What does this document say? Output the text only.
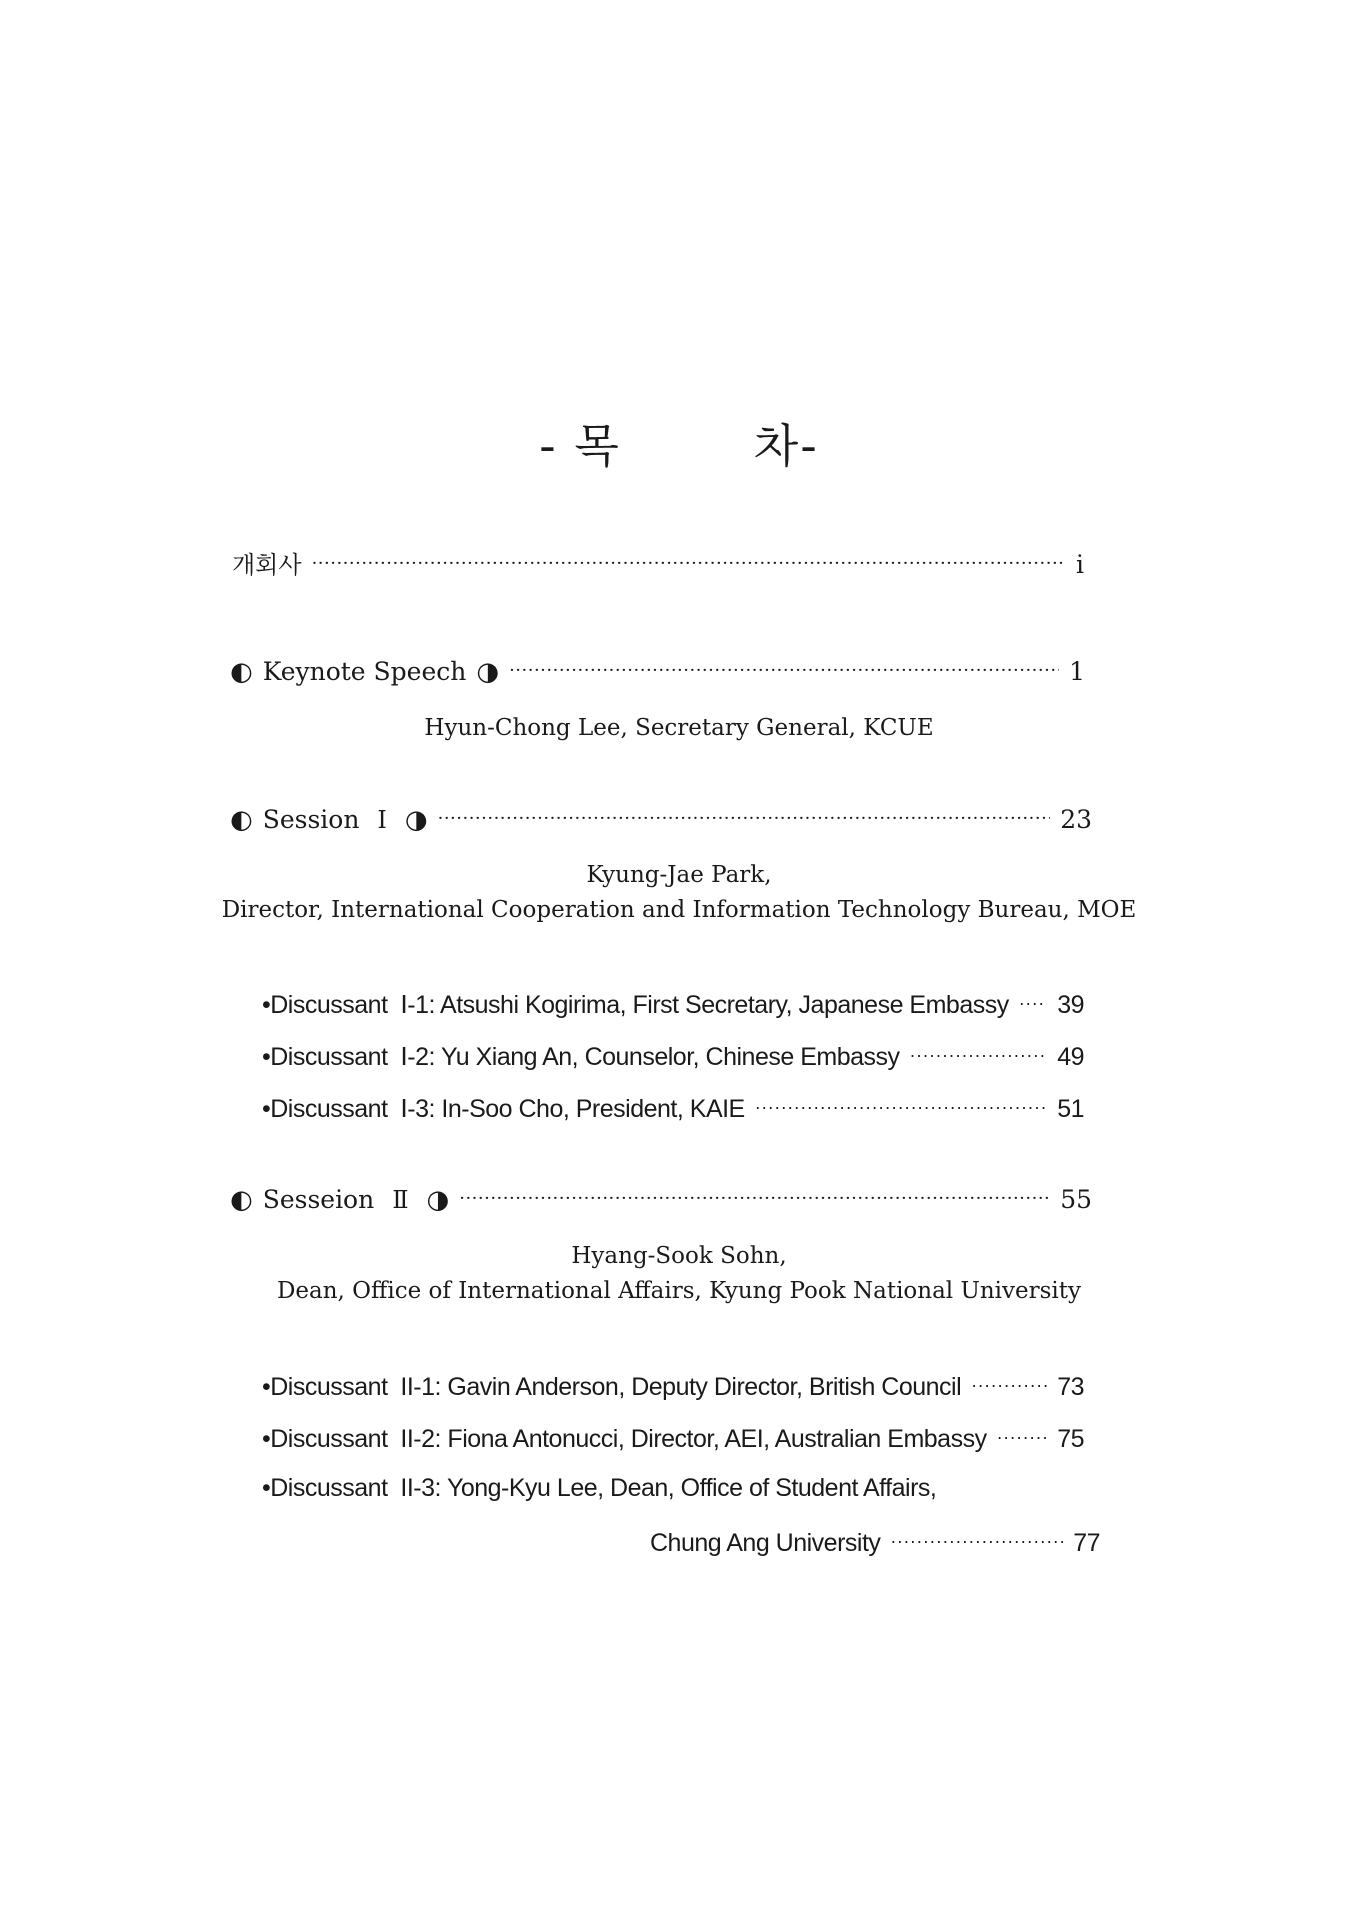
- 목        차-
개회사 ·····	i
◐ Keynote Speech ◑ ·····	1
Hyun-Chong Lee, Secretary General, KCUE
◐ Session Ⅰ ◑ ·····	23
Kyung-Jae Park,
Director, International Cooperation and Information Technology Bureau, MOE
•Discussant  Ⅰ-1: Atsushi Kogirima, First Secretary, Japanese Embassy ····· 39
•Discussant  Ⅰ-2: Yu Xiang An, Counselor, Chinese Embassy ·····	49
•Discussant  Ⅰ-3: In-Soo Cho, President, KAIE ·····	51
◐ Sesseion Ⅱ ◑ ·····	55
Hyang-Sook Sohn,
Dean, Office of International Affairs, Kyung Pook National University
•Discussant  II-1: Gavin Anderson, Deputy Director, British Council ·····	73
•Discussant  II-2: Fiona Antonucci, Director, AEI, Australian Embassy ·····	75
•Discussant  II-3: Yong-Kyu Lee, Dean, Office of Student Affairs,
Chung Ang University ·····	77
